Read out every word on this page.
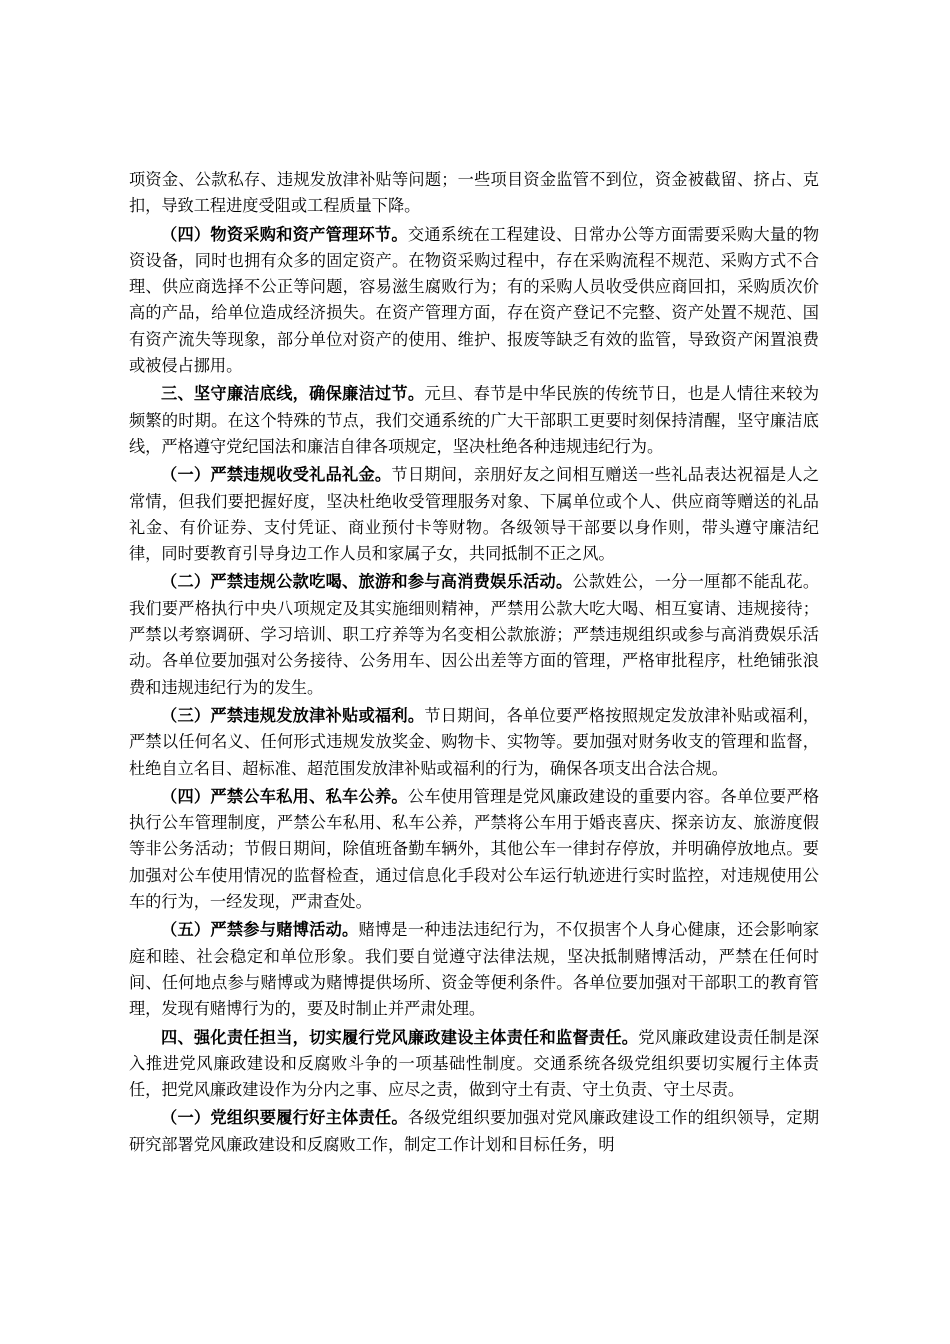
项资金、公款私存、违规发放津补贴等问题；一些项目资金监管不到位，资金被截留、挤占、克扣，导致工程进度受阻或工程质量下降。

（四）物资采购和资产管理环节。交通系统在工程建设、日常办公等方面需要采购大量的物资设备，同时也拥有众多的固定资产。在物资采购过程中，存在采购流程不规范、采购方式不合理、供应商选择不公正等问题，容易滋生腐败行为；有的采购人员收受供应商回扣，采购质次价高的产品，给单位造成经济损失。在资产管理方面，存在资产登记不完整、资产处置不规范、国有资产流失等现象，部分单位对资产的使用、维护、报废等缺乏有效的监管，导致资产闲置浪费或被侵占挪用。

三、坚守廉洁底线，确保廉洁过节。元旦、春节是中华民族的传统节日，也是人情往来较为频繁的时期。在这个特殊的节点，我们交通系统的广大干部职工更要时刻保持清醒，坚守廉洁底线，严格遵守党纪国法和廉洁自律各项规定，坚决杜绝各种违规违纪行为。

（一）严禁违规收受礼品礼金。节日期间，亲朋好友之间相互赠送一些礼品表达祝福是人之常情，但我们要把握好度，坚决杜绝收受管理服务对象、下属单位或个人、供应商等赠送的礼品礼金、有价证券、支付凭证、商业预付卡等财物。各级领导干部要以身作则，带头遵守廉洁纪律，同时要教育引导身边工作人员和家属子女，共同抵制不正之风。

（二）严禁违规公款吃喝、旅游和参与高消费娱乐活动。公款姓公，一分一厘都不能乱花。我们要严格执行中央八项规定及其实施细则精神，严禁用公款大吃大喝、相互宴请、违规接待；严禁以考察调研、学习培训、职工疗养等为名变相公款旅游；严禁违规组织或参与高消费娱乐活动。各单位要加强对公务接待、公务用车、因公出差等方面的管理，严格审批程序，杜绝铺张浪费和违规违纪行为的发生。

（三）严禁违规发放津补贴或福利。节日期间，各单位要严格按照规定发放津补贴或福利，严禁以任何名义、任何形式违规发放奖金、购物卡、实物等。要加强对财务收支的管理和监督，杜绝自立名目、超标准、超范围发放津补贴或福利的行为，确保各项支出合法合规。

（四）严禁公车私用、私车公养。公车使用管理是党风廉政建设的重要内容。各单位要严格执行公车管理制度，严禁公车私用、私车公养，严禁将公车用于婚丧喜庆、探亲访友、旅游度假等非公务活动；节假日期间，除值班备勤车辆外，其他公车一律封存停放，并明确停放地点。要加强对公车使用情况的监督检查，通过信息化手段对公车运行轨迹进行实时监控，对违规使用公车的行为，一经发现，严肃查处。

（五）严禁参与赌博活动。赌博是一种违法违纪行为，不仅损害个人身心健康，还会影响家庭和睦、社会稳定和单位形象。我们要自觉遵守法律法规，坚决抵制赌博活动，严禁在任何时间、任何地点参与赌博或为赌博提供场所、资金等便利条件。各单位要加强对干部职工的教育管理，发现有赌博行为的，要及时制止并严肃处理。

四、强化责任担当，切实履行党风廉政建设主体责任和监督责任。党风廉政建设责任制是深入推进党风廉政建设和反腐败斗争的一项基础性制度。交通系统各级党组织要切实履行主体责任，把党风廉政建设作为分内之事、应尽之责，做到守土有责、守土负责、守土尽责。

（一）党组织要履行好主体责任。各级党组织要加强对党风廉政建设工作的组织领导，定期研究部署党风廉政建设和反腐败工作，制定工作计划和目标任务，明
